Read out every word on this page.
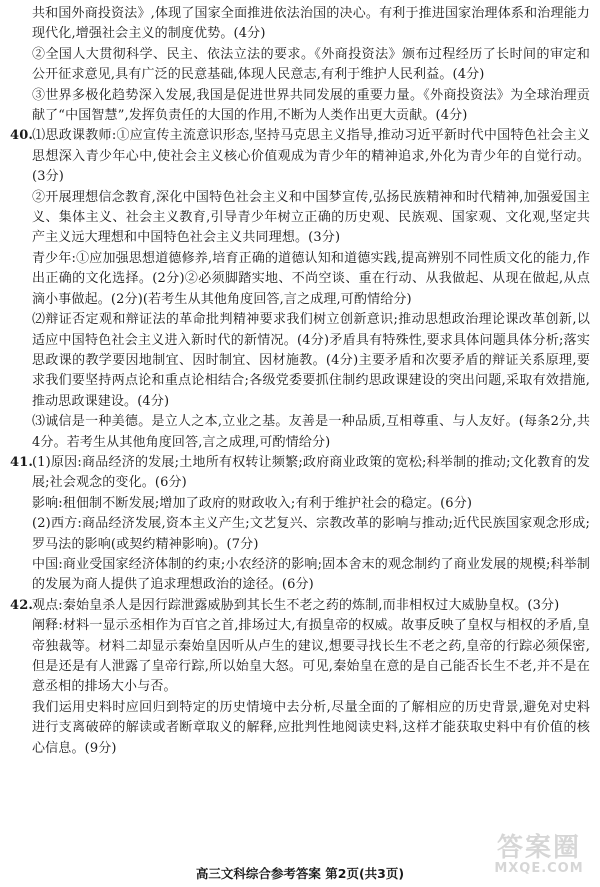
共和国外商投资法》,体现了国家全面推进依法治国的决心。有利于推进国家治理体系和治理能力现代化,增强社会主义的制度优势。(4分)

②全国人大贯彻科学、民主、依法立法的要求。《外商投资法》颁布过程经历了长时间的审定和公开征求意见,具有广泛的民意基础,体现人民意志,有利于维护人民利益。(4分)

③世界多极化趋势深入发展,我国是促进世界共同发展的重要力量。《外商投资法》为全球治理贡献了“中国智慧”,发挥负责任的大国的作用,不断为人类作出更大贡献。(4分)

40.⑴思政课教师:①应宣传主流意识形态,坚持马克思主义指导,推动习近平新时代中国特色社会主义思想深入青少年心中,使社会主义核心价值观成为青少年的精神追求,外化为青少年的自觉行动。(3分)

②开展理想信念教育,深化中国特色社会主义和中国梦宣传,弘扬民族精神和时代精神,加强爱国主义、集体主义、社会主义教育,引导青少年树立正确的历史观、民族观、国家观、文化观,坚定共产主义远大理想和中国特色社会主义共同理想。(3分)

青少年:①应加强思想道德修养,培育正确的道德认知和道德实践,提高辨别不同性质文化的能力,作出正确的文化选择。(2分)②必须脚踏实地、不尚空谈、重在行动、从我做起、从现在做起,从点滴小事做起。(2分)(若考生从其他角度回答,言之成理,可酌情给分)

⑵辩证否定观和辩证法的革命批判精神要求我们树立创新意识;推动思想政治理论课改革创新,以适应中国特色社会主义进入新时代的新情况。(4分)矛盾具有特殊性,要求具体问题具体分析;落实思政课的教学要因地制宜、因时制宜、因材施教。(4分)主要矛盾和次要矛盾的辩证关系原理,要求我们要坚持两点论和重点论相结合;各级党委要抓住制约思政课建设的突出问题,采取有效措施,推动思政课建设。(4分)

⑶诚信是一种美德。是立人之本,立业之基。友善是一种品质,互相尊重、与人友好。(每条2分,共4分。若考生从其他角度回答,言之成理,可酌情给分)

41.(1)原因:商品经济的发展;土地所有权转让频繁;政府商业政策的宽松;科举制的推动;文化教育的发展;社会观念的变化。(6分)

影响:租佃制不断发展;增加了政府的财政收入;有利于维护社会的稳定。(6分)

(2)西方:商品经济发展,资本主义产生;文艺复兴、宗教改革的影响与推动;近代民族国家观念形成;罗马法的影响(或契约精神影响)。(7分)

中国:商业受国家经济体制的约束;小农经济的影响;固本舍末的观念制约了商业发展的规模;科举制的发展为商人提供了追求理想政治的途径。(6分)

42.观点:秦始皇杀人是因行踪泄露威胁到其长生不老之药的炼制,而非相权过大威胁皇权。(3分)

阐释:材料一显示丞相作为百官之首,排场过大,有损皇帝的权威。故事反映了皇权与相权的矛盾,皇帝独裁等。材料二却显示秦始皇因听从卢生的建议,想要寻找长生不老之药,皇帝的行踪必须保密,但是还是有人泄露了皇帝行踪,所以始皇大怒。可见,秦始皇在意的是自己能否长生不老,并不是在意丞相的排场大小与否。

我们运用史料时应回归到特定的历史情境中去分析,尽量全面的了解相应的历史背景,避免对史料进行支离破碎的解读或者断章取义的解释,应批判性地阅读史料,这样才能获取史料中有价值的核心信息。(9分)

高三文科综合参考答案 第2页(共3页)
答案圈
MXQE.COM
